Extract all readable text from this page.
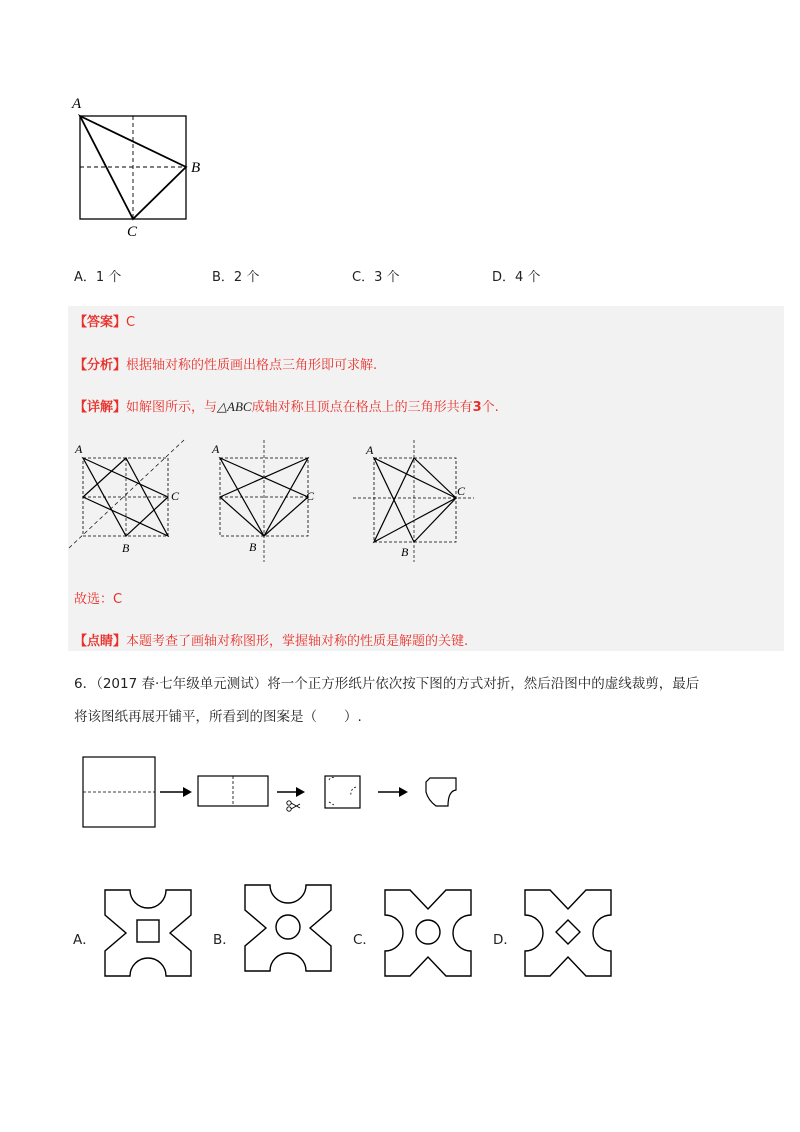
A
B
C
A．1 个	B．2 个	C．3 个	D．4 个
【答案】C
【分析】根据轴对称的性质画出格点三角形即可求解.
【详解】如解图所示，与△ABC成轴对称且顶点在格点上的三角形共有3个.
A
C
B
A
C
B
A
C
B
故选：C
【点睛】本题考查了画轴对称图形，掌握轴对称的性质是解题的关键.
6．（2017 春·七年级单元测试）将一个正方形纸片依次按下图的方式对折，然后沿图中的虚线裁剪，最后
将该图纸再展开铺平，所看到的图案是（　　）.
A．	B．	C．	D．
